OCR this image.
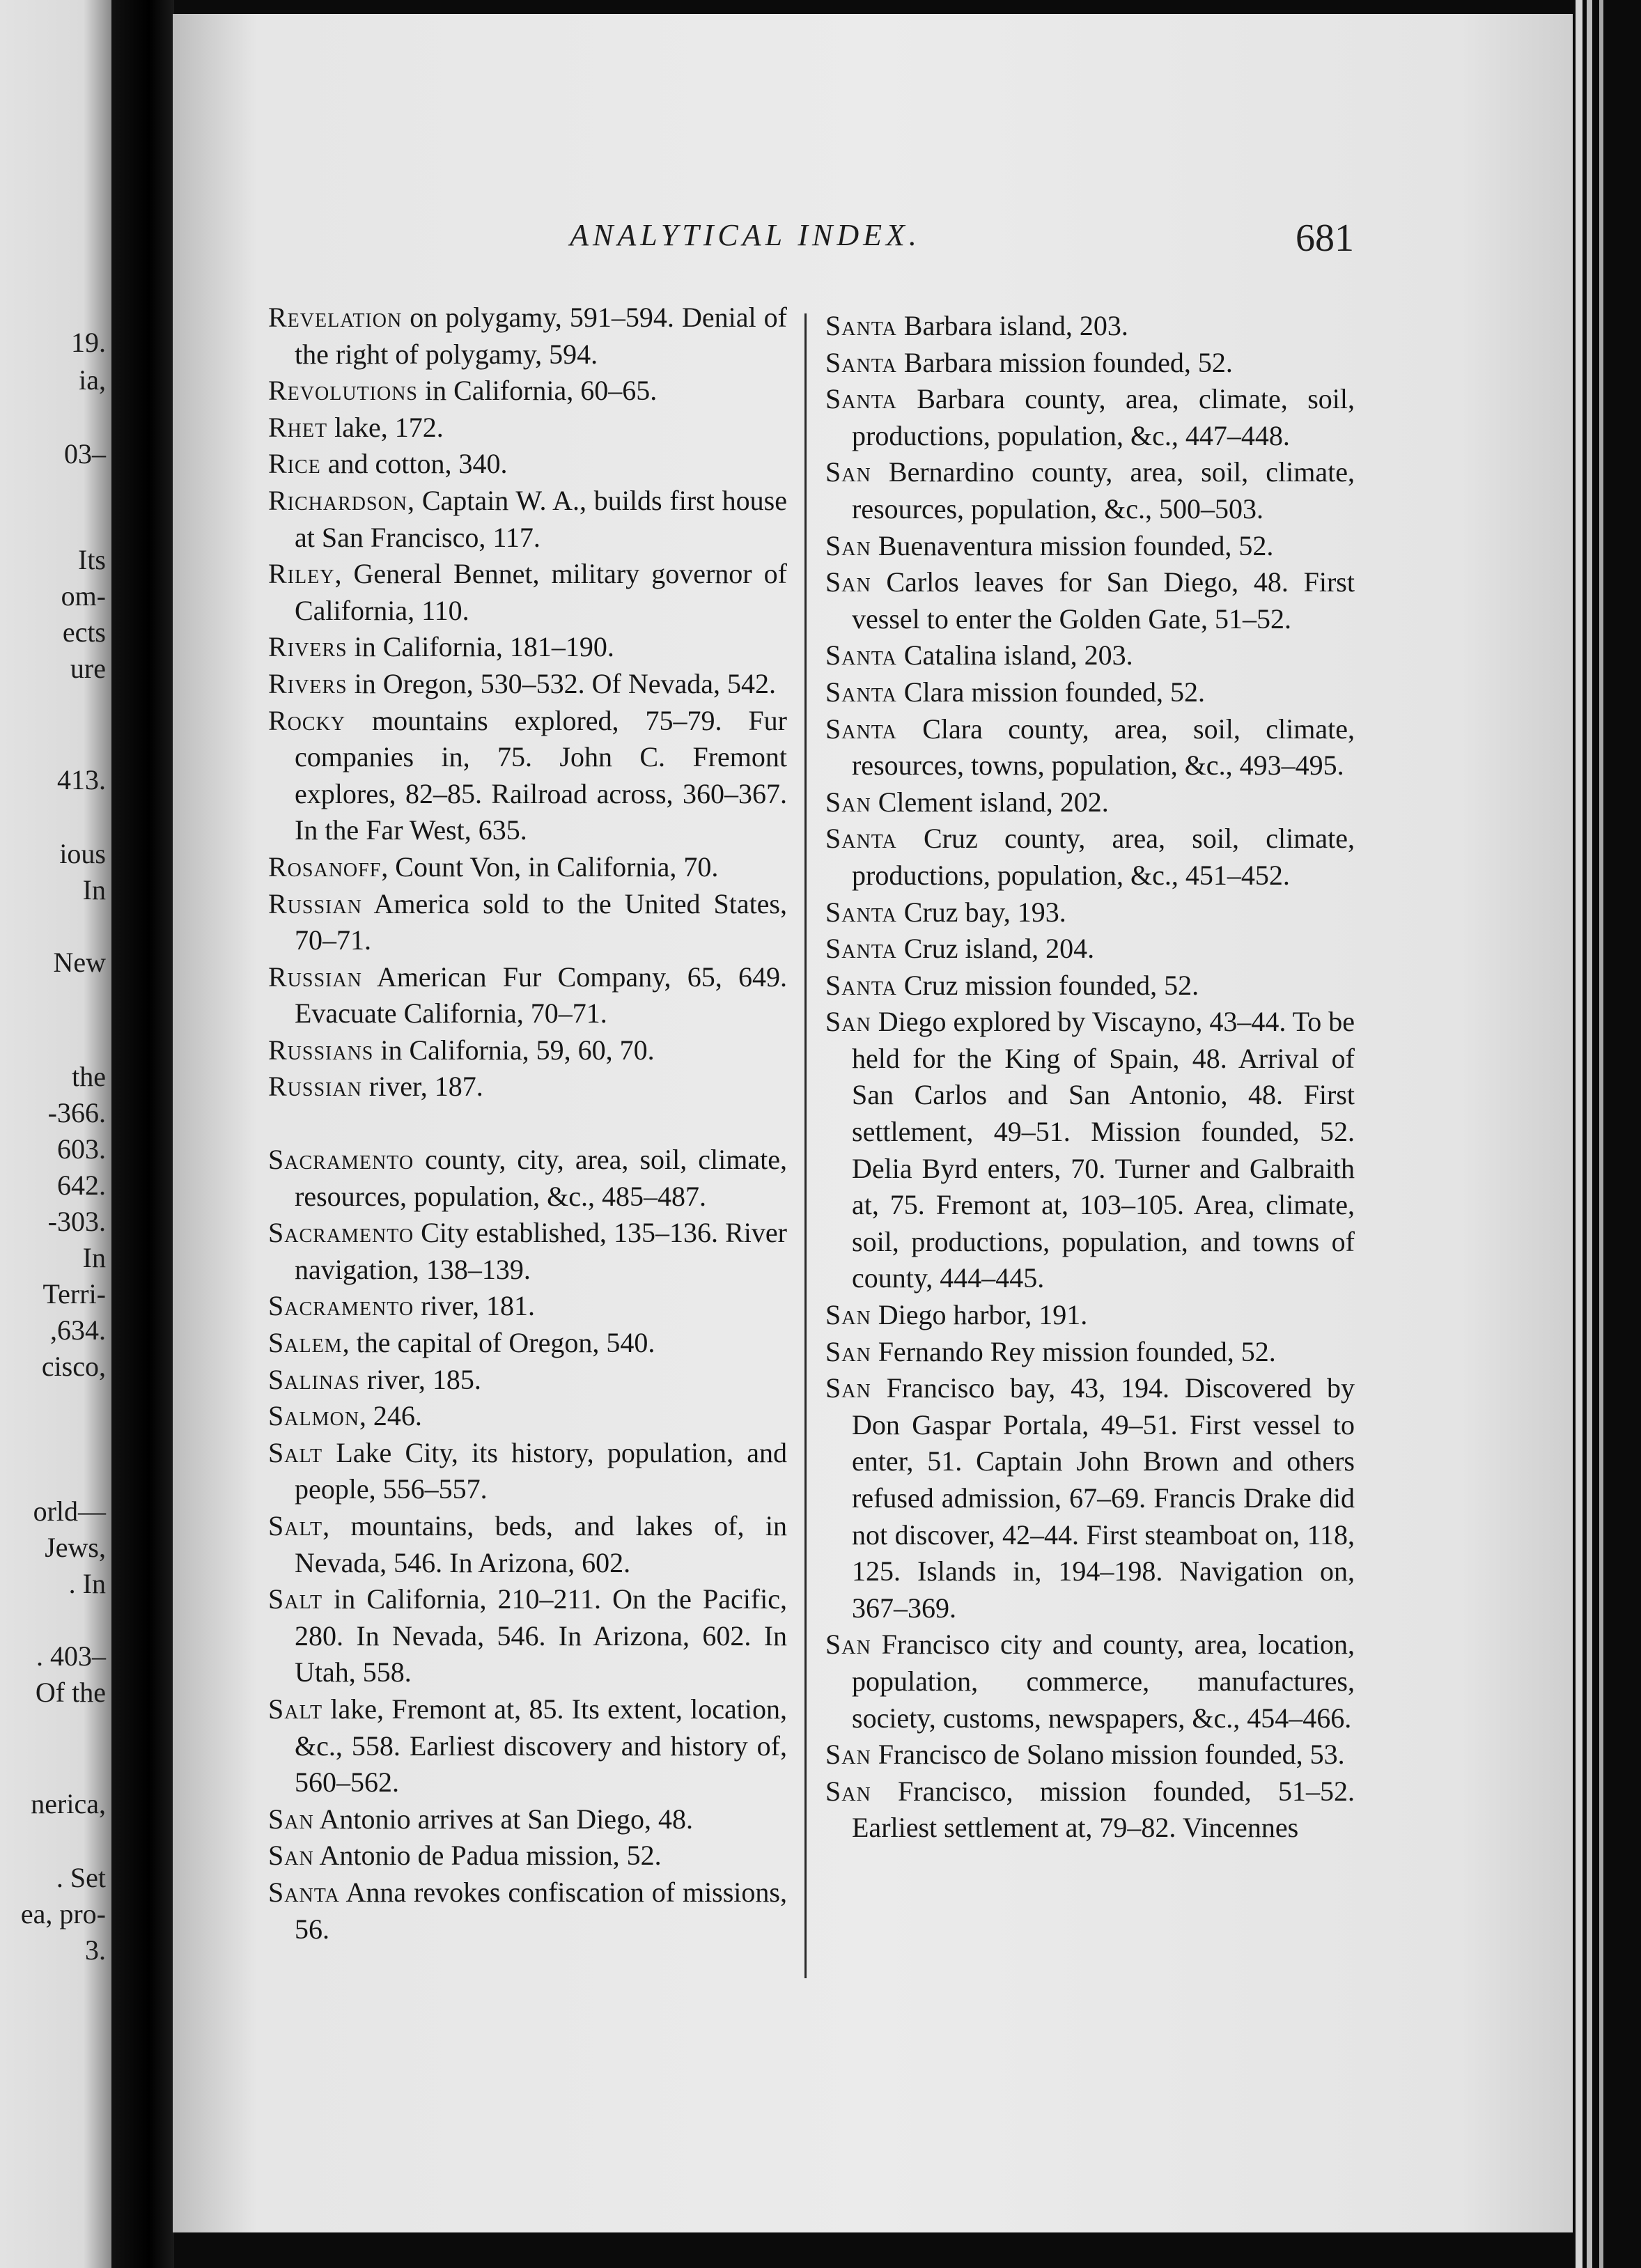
19.

ia,

03–

Its

om-

ects

ure

413.

ious

In

New

the

-366.

603.

642.

-303.

In

Terri-

,634.

cisco,

orld—

Jews,

. In

. 403–

Of the

nerica,

. Set

ea, pro-

3.

ANALYTICAL INDEX.	681

Revelation on polygamy, 591–594. Denial of the right of polygamy, 594.

Revolutions in California, 60–65.

Rhet lake, 172.

Rice and cotton, 340.

Richardson, Captain W. A., builds first house at San Francisco, 117.

Riley, General Bennet, military governor of California, 110.

Rivers in California, 181–190.

Rivers in Oregon, 530–532. Of Nevada, 542.

Rocky mountains explored, 75–79. Fur companies in, 75. John C. Fremont explores, 82–85. Railroad across, 360–367. In the Far West, 635.

Rosanoff, Count Von, in California, 70.

Russian America sold to the United States, 70–71.

Russian American Fur Company, 65, 649. Evacuate California, 70–71.

Russians in California, 59, 60, 70.

Russian river, 187.

Sacramento county, city, area, soil, climate, resources, population, &c., 485–487.

Sacramento City established, 135–136. River navigation, 138–139.

Sacramento river, 181.

Salem, the capital of Oregon, 540.

Salinas river, 185.

Salmon, 246.

Salt Lake City, its history, population, and people, 556–557.

Salt, mountains, beds, and lakes of, in Nevada, 546. In Arizona, 602.

Salt in California, 210–211. On the Pacific, 280. In Nevada, 546. In Arizona, 602. In Utah, 558.

Salt lake, Fremont at, 85. Its extent, location, &c., 558. Earliest discovery and history of, 560–562.

San Antonio arrives at San Diego, 48.

San Antonio de Padua mission, 52.

Santa Anna revokes confiscation of missions, 56.

Santa Barbara island, 203.

Santa Barbara mission founded, 52.

Santa Barbara county, area, climate, soil, productions, population, &c., 447–448.

San Bernardino county, area, soil, climate, resources, population, &c., 500–503.

San Buenaventura mission founded, 52.

San Carlos leaves for San Diego, 48. First vessel to enter the Golden Gate, 51–52.

Santa Catalina island, 203.

Santa Clara mission founded, 52.

Santa Clara county, area, soil, climate, resources, towns, population, &c., 493–495.

San Clement island, 202.

Santa Cruz county, area, soil, climate, productions, population, &c., 451–452.

Santa Cruz bay, 193.

Santa Cruz island, 204.

Santa Cruz mission founded, 52.

San Diego explored by Viscayno, 43–44. To be held for the King of Spain, 48. Arrival of San Carlos and San Antonio, 48. First settlement, 49–51. Mission founded, 52. Delia Byrd enters, 70. Turner and Galbraith at, 75. Fremont at, 103–105. Area, climate, soil, productions, population, and towns of county, 444–445.

San Diego harbor, 191.

San Fernando Rey mission founded, 52.

San Francisco bay, 43, 194. Discovered by Don Gaspar Portala, 49–51. First vessel to enter, 51. Captain John Brown and others refused admission, 67–69. Francis Drake did not discover, 42–44. First steamboat on, 118, 125. Islands in, 194–198. Navigation on, 367–369.

San Francisco city and county, area, location, population, commerce, manufactures, society, customs, newspapers, &c., 454–466.

San Francisco de Solano mission founded, 53.

San Francisco, mission founded, 51–52. Earliest settlement at, 79–82. Vincennes
